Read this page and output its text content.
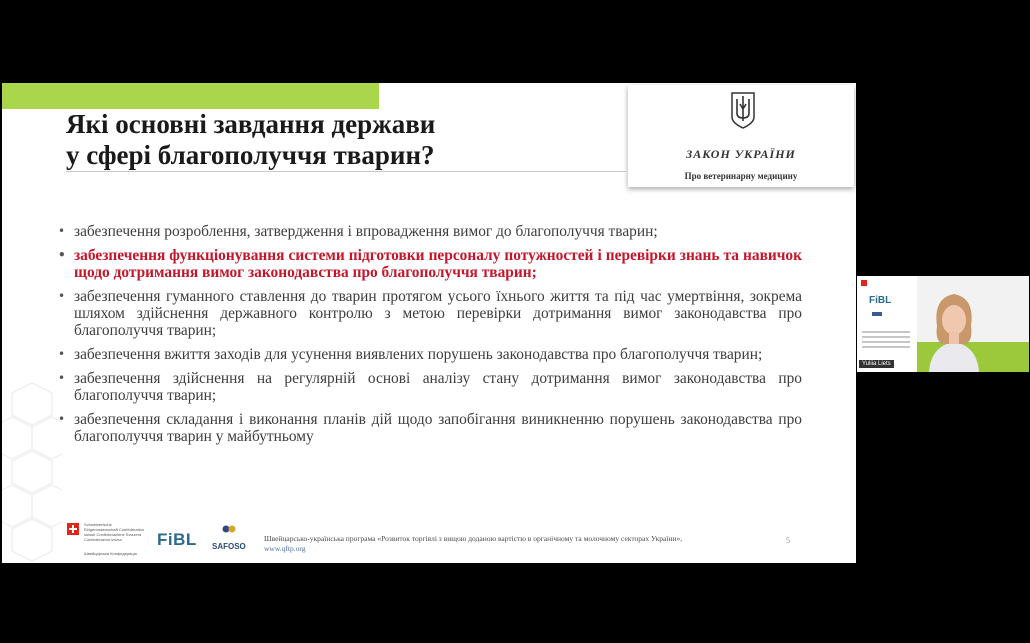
Які основні завдання держави
у сфері благополуччя тварин?	ЗАКОН УКРАЇНИ
Про ветеринарну медицину
• забезпечення розроблення, затвердження і впровадження вимог до благополуччя тварин;
• забезпечення функціонування системи підготовки персоналу потужностей і перевірки знань та навичок щодо дотримання вимог законодавства про благополуччя тварин;
• забезпечення гуманного ставлення до тварин протягом усього їхнього життя та під час умертвіння, зокрема шляхом здійснення державного контролю з метою перевірки дотримання вимог законодавства про благополуччя тварин;
• забезпечення вжиття заходів для усунення виявлених порушень законодавства про благополуччя тварин;
• забезпечення здійснення на регулярній основі аналізу стану дотримання вимог законодавства про благополуччя тварин;
• забезпечення складання і виконання планів дій щодо запобігання виникненню порушень законодавства про благополуччя тварин у майбутньому
Schweizerische Eidgenossenschaft Confédération suisse Confederazione Svizzera Confederaziun svizra
Швейцарська Конфедерація
FiBL SAFOSO
Швейцарсько-українська програма «Розвиток торгівлі з вищою доданою вартістю в органічному та молочному секторах України»,
www.qftp.org
5
FiBL
Yuliia Liets
